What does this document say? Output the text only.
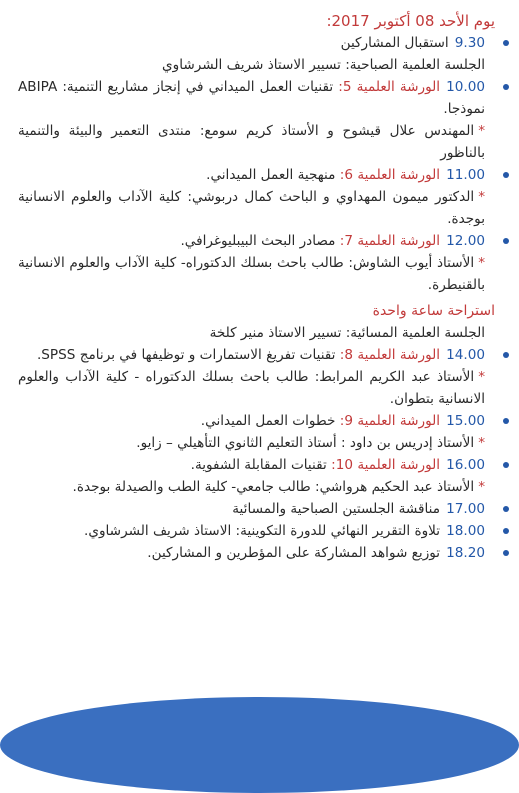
يوم الأحد 08 أكتوبر 2017:
9.30استقبال المشاركين
الجلسة العلمية الصباحية: تسيير الاستاذ شريف الشرشاوي
10.00الورشة العلمية 5: تقنيات العمل الميداني في إنجاز مشاريع التنمية: ABIPA نموذجا.
*المهندس علال قيشوح و الأستاذ كريم سومع: منتدى التعمير والبيئة والتنمية بالناظور
11.00الورشة العلمية 6: منهجية العمل الميداني.
*الدكتور ميمون المهداوي و الباحث كمال دربوشي: كلية الآداب والعلوم الانسانية بوجدة.
12.00الورشة العلمية 7: مصادر البحث البيبليوغرافي.
*الأستاذ أيوب الشاوش: طالب باحث بسلك الدكتوراه- كلية الآداب والعلوم الانسانية بالقنيطرة.
استراحة ساعة واحدة
الجلسة العلمية المسائية: تسيير الاستاذ منير كلخة
14.00الورشة العلمية 8: تقنيات تفريغ الاستمارات و توظيفها في برنامج SPSS.
*الأستاذ عبد الكريم المرابط: طالب باحث بسلك الدكتوراه - كلية الآداب والعلوم الانسانية بتطوان.
15.00الورشة العلمية 9: خطوات العمل الميداني.
*الأستاذ إدريس بن داود : أستاذ التعليم الثانوي التأهيلي – زايو.
16.00الورشة العلمية 10: تقنيات المقابلة الشفوية.
*الأستاذ عبد الحكيم هرواشي: طالب جامعي- كلية الطب والصيدلة بوجدة.
17.00مناقشة الجلستين الصباحية والمسائية
18.00تلاوة التقرير النهائي للدورة التكوينية: الاستاذ شريف الشرشاوي.
18.20توزيع شواهد المشاركة على المؤطرين و المشاركين.
